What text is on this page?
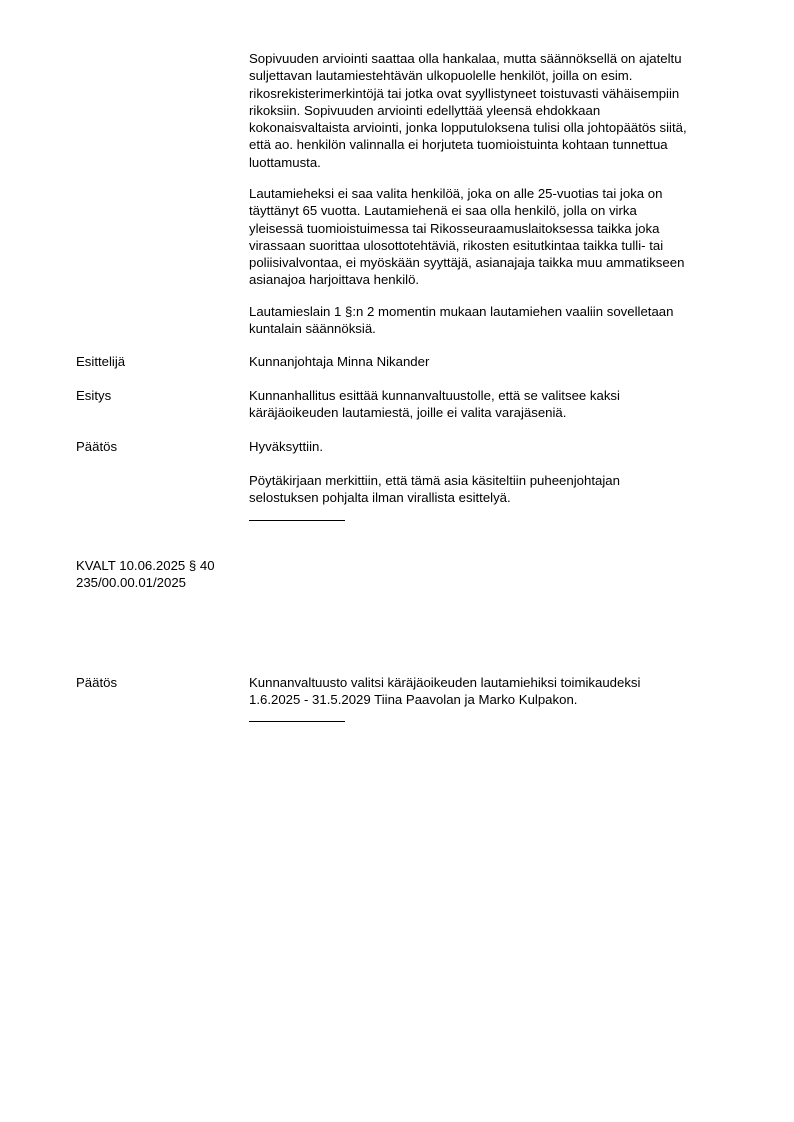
Sopivuuden arviointi saattaa olla hankalaa, mutta säännöksellä on ajateltu
suljettavan lautamiestehtävän ulkopuolelle henkilöt, joilla on esim.
rikosrekisterimerkintöjä tai jotka ovat syyllistyneet toistuvasti vähäisempiin
rikoksiin. Sopivuuden arviointi edellyttää yleensä ehdokkaan
kokonaisvaltaista arviointi, jonka lopputuloksena tulisi olla johtopäätös siitä,
että ao. henkilön valinnalla ei horjuteta tuomioistuinta kohtaan tunnettua
luottamusta.

Lautamieheksi ei saa valita henkilöä, joka on alle 25-vuotias tai joka on
täyttänyt 65 vuotta. Lautamiehenä ei saa olla henkilö, jolla on virka
yleisessä tuomioistuimessa tai Rikosseuraamuslaitoksessa taikka joka
virassaan suorittaa ulosottotehtäviä, rikosten esitutkintaa taikka tulli- tai
poliisivalvontaa, ei myöskään syyttäjä, asianajaja taikka muu ammatikseen
asianajoa harjoittava henkilö.

Lautamieslain 1 §:n 2 momentin mukaan lautamiehen vaaliin sovelletaan
kuntalain säännöksiä.

Esittelijä	Kunnanjohtaja Minna Nikander

Esitys	Kunnanhallitus esittää kunnanvaltuustolle, että se valitsee kaksi
käräjäoikeuden lautamiestä, joille ei valita varajäseniä.

Päätös	Hyväksyttiin.

Pöytäkirjaan merkittiin, että tämä asia käsiteltiin puheenjohtajan
selostuksen pohjalta ilman virallista esittelyä.

KVALT 10.06.2025 § 40
235/00.00.01/2025

Päätös	Kunnanvaltuusto valitsi käräjäoikeuden lautamiehiksi toimikaudeksi
1.6.2025 - 31.5.2029 Tiina Paavolan ja Marko Kulpakon.
